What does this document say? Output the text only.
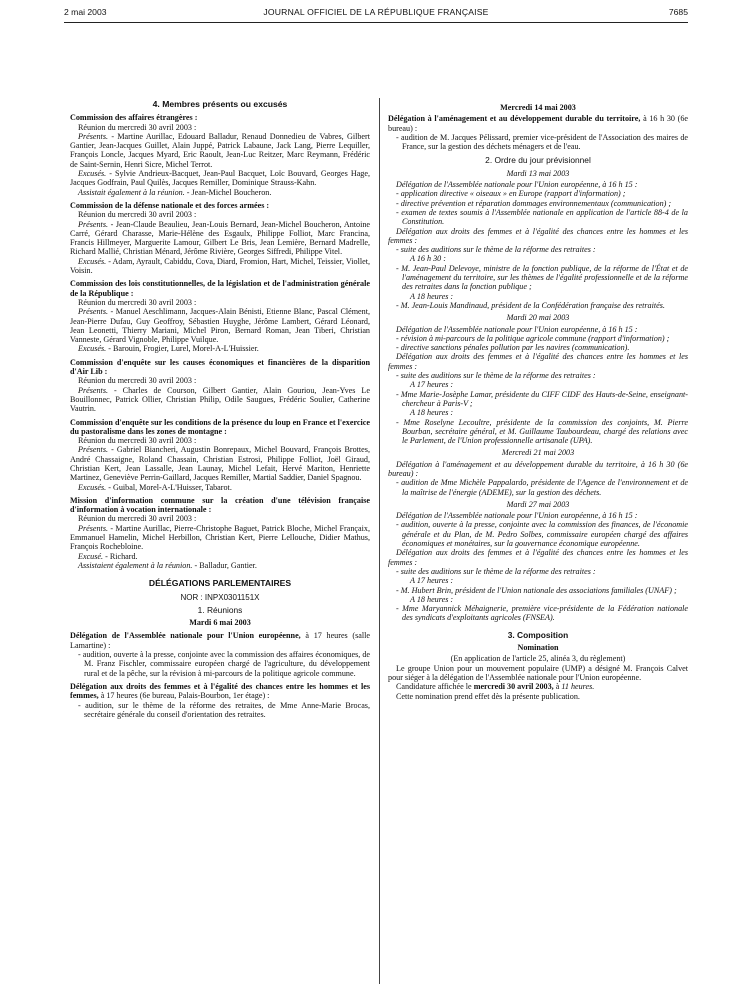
2 mai 2003	JOURNAL OFFICIEL DE LA RÉPUBLIQUE FRANÇAISE	7685
4. Membres présents ou excusés

Commission des affaires étrangères :

Réunion du mercredi 30 avril 2003 :

Présents. - Martine Aurillac, Edouard Balladur, Renaud Donnedieu de Vabres, Gilbert Gantier, Jean-Jacques Guillet, Alain Juppé, Patrick Labaune, Jack Lang, Pierre Lequiller, François Loncle, Jacques Myard, Eric Raoult, Jean-Luc Reitzer, Marc Reymann, Frédéric de Saint-Sernin, Henri Sicre, Michel Terrot.

Excusés. - Sylvie Andrieux-Bacquet, Jean-Paul Bacquet, Loïc Bouvard, Georges Hage, Jacques Godfrain, Paul Quilès, Jacques Remiller, Dominique Strauss-Kahn.

Assistait également à la réunion. - Jean-Michel Boucheron.

Commission de la défense nationale et des forces armées :

Réunion du mercredi 30 avril 2003 :

Présents. - Jean-Claude Beaulieu, Jean-Louis Bernard, Jean-Michel Boucheron, Antoine Carré, Gérard Charasse, Marie-Hélène des Esgaulx, Philippe Folliot, Marc Francina, Francis Hillmeyer, Marguerite Lamour, Gilbert Le Bris, Jean Lemière, Bernard Madrelle, Richard Mallié, Christian Ménard, Jérôme Rivière, Georges Siffredi, Philippe Vitel.

Excusés. - Adam, Ayrault, Cabiddu, Cova, Diard, Fromion, Hart, Michel, Teissier, Viollet, Voisin.

Commission des lois constitutionnelles, de la législation et de l'administration générale de la République :

Réunion du mercredi 30 avril 2003 :

Présents. - Manuel Aeschlimann, Jacques-Alain Bénisti, Etienne Blanc, Pascal Clément, Jean-Pierre Dufau, Guy Geoffroy, Sébastien Huyghe, Jérôme Lambert, Gérard Léonard, Jean Leonetti, Thierry Mariani, Michel Piron, Bernard Roman, Jean Tiberi, Christian Vanneste, Gérard Vignoble, Philippe Vuilque.

Excusés. - Barouin, Frogier, Lurel, Morel-A-L'Huissier.

Commission d'enquête sur les causes économiques et financières de la disparition d'Air Lib :

Réunion du mercredi 30 avril 2003 :

Présents. - Charles de Courson, Gilbert Gantier, Alain Gouriou, Jean-Yves Le Bouillonnec, Patrick Ollier, Christian Philip, Odile Saugues, Frédéric Soulier, Catherine Vautrin.

Commission d'enquête sur les conditions de la présence du loup en France et l'exercice du pastoralisme dans les zones de montagne :

Réunion du mercredi 30 avril 2003 :

Présents. - Gabriel Biancheri, Augustin Bonrepaux, Michel Bouvard, François Brottes, André Chassaigne, Roland Chassain, Christian Estrosi, Philippe Folliot, Joël Giraud, Christian Kert, Jean Lassalle, Jean Launay, Michel Lefait, Hervé Mariton, Henriette Martinez, Geneviève Perrin-Gaillard, Jacques Remiller, Martial Saddier, Daniel Spagnou.

Excusés. - Guibal, Morel-A-L'Huisser, Tabarot.

Mission d'information commune sur la création d'une télévision française d'information à vocation internationale :

Réunion du mercredi 30 avril 2003 :

Présents. - Martine Aurillac, Pierre-Christophe Baguet, Patrick Bloche, Michel Françaix, Emmanuel Hamelin, Michel Herbillon, Christian Kert, Pierre Lellouche, Didier Mathus, François Rochebloine.

Excusé. - Richard.

Assistaient également à la réunion. - Balladur, Gantier.

DÉLÉGATIONS PARLEMENTAIRES
NOR : INPX0301151X
1. Réunions
Mardi 6 mai 2003

Délégation de l'Assemblée nationale pour l'Union européenne, à 17 heures (salle Lamartine) :

- audition, ouverte à la presse, conjointe avec la commission des affaires économiques, de M. Franz Fischler, commissaire européen chargé de l'agriculture, du développement rural et de la pêche, sur la révision à mi-parcours de la politique agricole commune.

Délégation aux droits des femmes et à l'égalité des chances entre les hommes et les femmes, à 17 heures (6e bureau, Palais-Bourbon, 1er étage) :

- audition, sur le thème de la réforme des retraites, de Mme Anne-Marie Brocas, secrétaire générale du conseil d'orientation des retraites.

Mercredi 14 mai 2003

Délégation à l'aménagement et au développement durable du territoire, à 16 h 30 (6e bureau) :

- audition de M. Jacques Pélissard, premier vice-président de l'Association des maires de France, sur la gestion des déchets ménagers et de l'eau.

2. Ordre du jour prévisionnel
Mardi 13 mai 2003

Délégation de l'Assemblée nationale pour l'Union européenne, à 16 h 15 :

- application directive « oiseaux » en Europe (rapport d'information) ;

- directive prévention et réparation dommages environnementaux (communication) ;

- examen de textes soumis à l'Assemblée nationale en application de l'article 88-4 de la Constitution.

Délégation aux droits des femmes et à l'égalité des chances entre les hommes et les femmes :

- suite des auditions sur le thème de la réforme des retraites :

A 16 h 30 :

- M. Jean-Paul Delevoye, ministre de la fonction publique, de la réforme de l'État et de l'aménagement du territoire, sur les thèmes de l'égalité professionnelle et de la réforme des retraites dans la fonction publique ;

A 18 heures :

- M. Jean-Louis Mandinaud, président de la Confédération française des retraités.

Mardi 20 mai 2003

Délégation de l'Assemblée nationale pour l'Union européenne, à 16 h 15 :

- révision à mi-parcours de la politique agricole commune (rapport d'information) ;

- directive sanctions pénales pollution par les navires (communication).

Délégation aux droits des femmes et à l'égalité des chances entre les hommes et les femmes :

- suite des auditions sur le thème de la réforme des retraites :

A 17 heures :

- Mme Marie-Josèphe Lamar, présidente du CIFF CIDF des Hauts-de-Seine, enseignant-chercheur à Paris-V ;

A 18 heures :

- Mme Roselyne Lecoultre, présidente de la commission des conjoints, M. Pierre Bourban, secrétaire général, et M. Guillaume Taubourdeau, chargé des relations avec le Parlement, de l'Union professionnelle artisanale (UPA).

Mercredi 21 mai 2003

Délégation à l'aménagement et au développement durable du territoire, à 16 h 30 (6e bureau) :

- audition de Mme Michèle Pappalardo, présidente de l'Agence de l'environnement et de la maîtrise de l'énergie (ADEME), sur la gestion des déchets.

Mardi 27 mai 2003

Délégation de l'Assemblée nationale pour l'Union européenne, à 16 h 15 :

- audition, ouverte à la presse, conjointe avec la commission des finances, de l'économie générale et du Plan, de M. Pedro Solbes, commissaire européen chargé des affaires économiques et monétaires, sur la gouvernance économique européenne.

Délégation aux droits des femmes et à l'égalité des chances entre les hommes et les femmes :

- suite des auditions sur le thème de la réforme des retraites :

A 17 heures :

- M. Hubert Brin, président de l'Union nationale des associations familiales (UNAF) ;

A 18 heures :

- Mme Maryannick Méhaignerie, première vice-présidente de la Fédération nationale des syndicats d'exploitants agricoles (FNSEA).

3. Composition
Nomination

(En application de l'article 25, alinéa 3, du règlement)

Le groupe Union pour un mouvement populaire (UMP) a désigné M. François Calvet pour siéger à la délégation de l'Assemblée nationale pour l'Union européenne.

Candidature affichée le mercredi 30 avril 2003, à 11 heures.

Cette nomination prend effet dès la présente publication.
